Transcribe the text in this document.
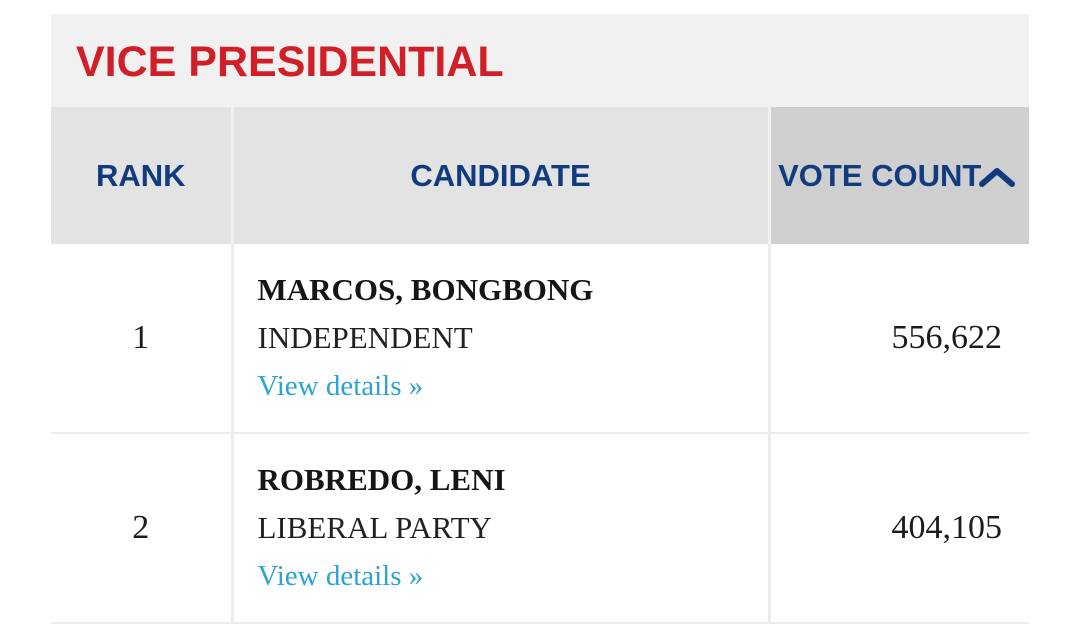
VICE PRESIDENTIAL
RANK	CANDIDATE	VOTE COUNT

1	MARCOS, BONGBONG
INDEPENDENT
View details »	556,622
2	ROBREDO, LENI
LIBERAL PARTY
View details »	404,105
